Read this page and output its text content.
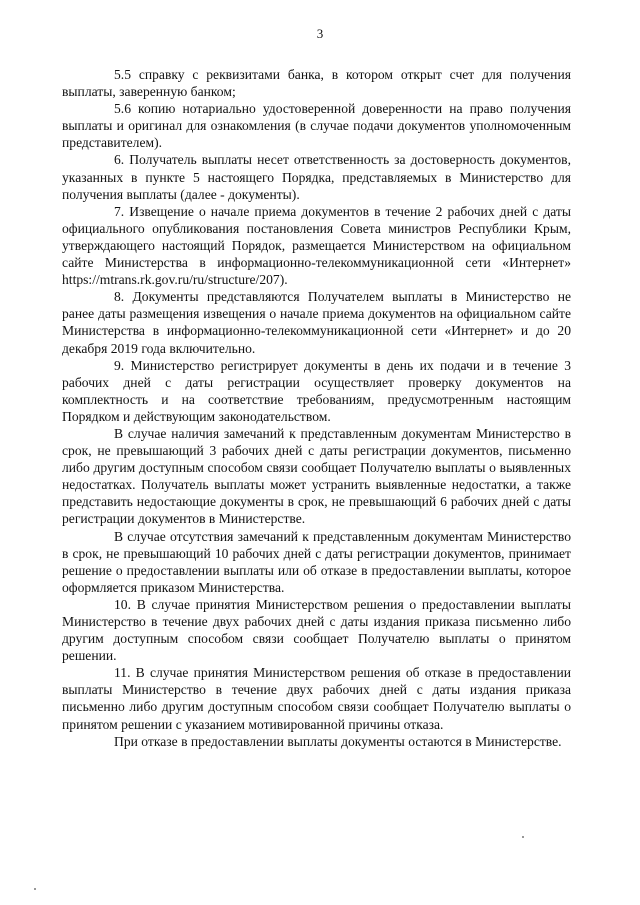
3

5.5 справку с реквизитами банка, в котором открыт счет для получения выплаты, заверенную банком;

5.6 копию нотариально удостоверенной доверенности на право получения выплаты и оригинал для ознакомления (в случае подачи документов уполномоченным представителем).

6. Получатель выплаты несет ответственность за достоверность документов, указанных в пункте 5 настоящего Порядка, представляемых в Министерство для получения выплаты (далее - документы).

7. Извещение о начале приема документов в течение 2 рабочих дней с даты официального опубликования постановления Совета министров Республики Крым, утверждающего настоящий Порядок, размещается Министерством на официальном сайте Министерства в информационно-телекоммуникационной сети «Интернет» https://mtrans.rk.gov.ru/ru/structure/207).

8. Документы представляются Получателем выплаты в Министерство не ранее даты размещения извещения о начале приема документов на официальном сайте Министерства в информационно-телекоммуникационной сети «Интернет» и до 20 декабря 2019 года включительно.

9. Министерство регистрирует документы в день их подачи и в течение 3 рабочих дней с даты регистрации осуществляет проверку документов на комплектность и на соответствие требованиям, предусмотренным настоящим Порядком и действующим законодательством.

В случае наличия замечаний к представленным документам Министерство в срок, не превышающий 3 рабочих дней с даты регистрации документов, письменно либо другим доступным способом связи сообщает Получателю выплаты о выявленных недостатках. Получатель выплаты может устранить выявленные недостатки, а также представить недостающие документы в срок, не превышающий 6 рабочих дней с даты регистрации документов в Министерстве.

В случае отсутствия замечаний к представленным документам Министерство в срок, не превышающий 10 рабочих дней с даты регистрации документов, принимает решение о предоставлении выплаты или об отказе в предоставлении выплаты, которое оформляется приказом Министерства.

10. В случае принятия Министерством решения о предоставлении выплаты Министерство в течение двух рабочих дней с даты издания приказа письменно либо другим доступным способом связи сообщает Получателю выплаты о принятом решении.

11. В случае принятия Министерством решения об отказе в предоставлении выплаты Министерство в течение двух рабочих дней с даты издания приказа письменно либо другим доступным способом связи сообщает Получателю выплаты о принятом решении с указанием мотивированной причины отказа.

При отказе в предоставлении выплаты документы остаются в Министерстве.
